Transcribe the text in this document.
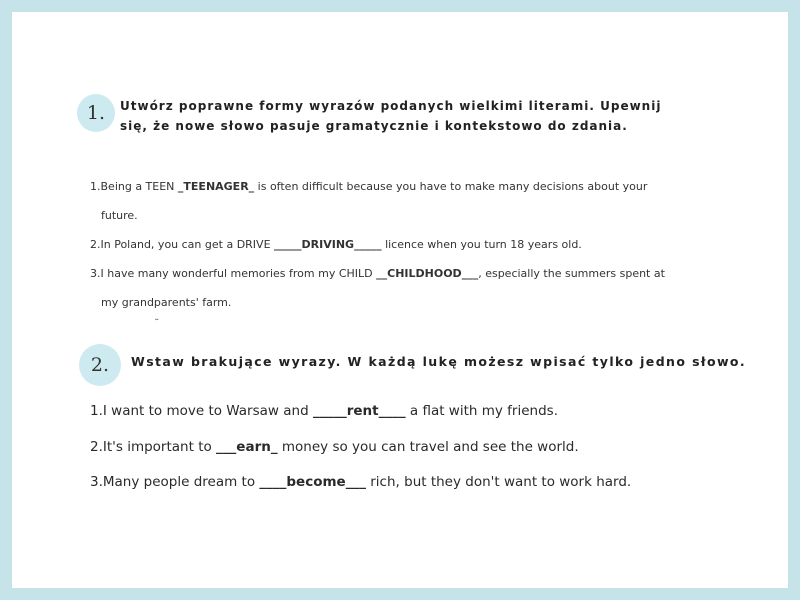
1.	Utwórz poprawne formy wyrazów podanych wielkimi literami. Upewnij
się, że nowe słowo pasuje gramatycznie i kontekstowo do zdania.
1.Being a TEEN _TEENAGER_ is often difficult because you have to make many decisions about your
future.
2.In Poland, you can get a DRIVE _____DRIVING_____ licence when you turn 18 years old.
3.I have many wonderful memories from my CHILD __CHILDHOOD___, especially the summers spent at
my grandparents' farm.
˘
2.	Wstaw brakujące wyrazy. W każdą lukę możesz wpisać tylko jedno słowo.
1.I want to move to Warsaw and _____rent____ a flat with my friends.
2.It's important to ___earn_ money so you can travel and see the world.
3.Many people dream to ____become___ rich, but they don't want to work hard.
